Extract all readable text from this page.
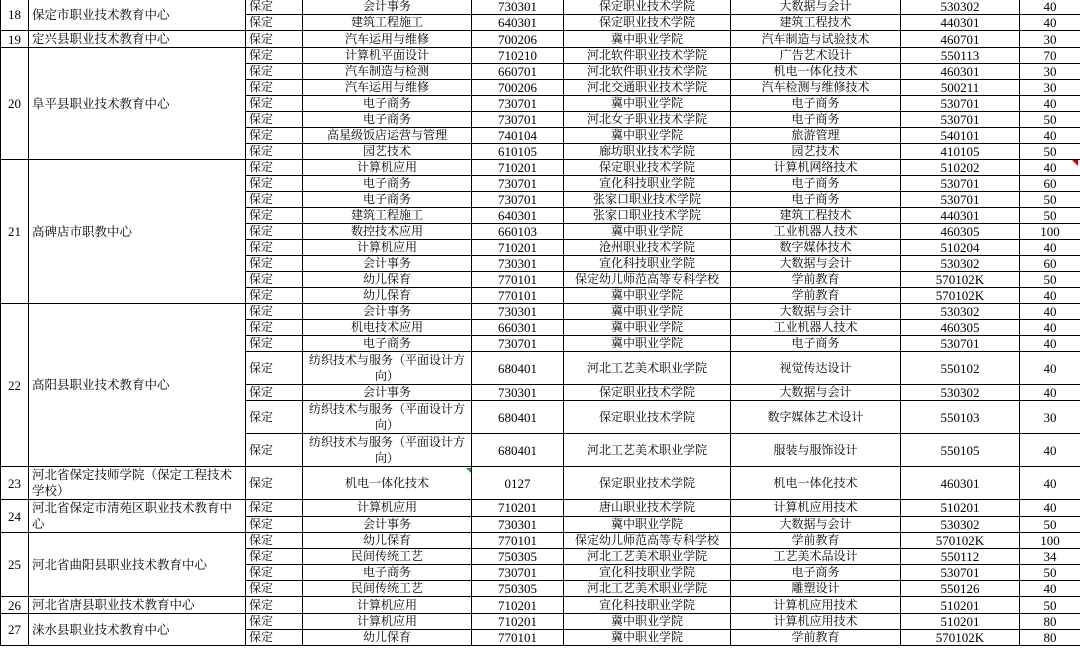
18	保定市职业技术教育中心	保定	会计事务	730301	保定职业技术学院	大数据与会计	530302	40
		保定	建筑工程施工	640301	保定职业技术学院	建筑工程技术	440301	40
19	定兴县职业技术教育中心	保定	汽车运用与维修	700206	冀中职业学院	汽车制造与试验技术	460701	30
20	阜平县职业技术教育中心	保定	计算机平面设计	710210	河北软件职业技术学院	广告艺术设计	550113	70
		保定	汽车制造与检测	660701	河北软件职业技术学院	机电一体化技术	460301	30
		保定	汽车运用与维修	700206	河北交通职业技术学院	汽车检测与维修技术	500211	30
		保定	电子商务	730701	冀中职业学院	电子商务	530701	40
		保定	电子商务	730701	河北女子职业技术学院	电子商务	530701	50
		保定	高星级饭店运营与管理	740104	冀中职业学院	旅游管理	540101	40
		保定	园艺技术	610105	廊坊职业技术学院	园艺技术	410105	50
21	高碑店市职教中心	保定	计算机应用	710201	保定职业技术学院	计算机网络技术	510202	40
		保定	电子商务	730701	宣化科技职业学院	电子商务	530701	60
		保定	电子商务	730701	张家口职业技术学院	电子商务	530701	50
		保定	建筑工程施工	640301	张家口职业技术学院	建筑工程技术	440301	50
		保定	数控技术应用	660103	冀中职业学院	工业机器人技术	460305	100
		保定	计算机应用	710201	沧州职业技术学院	数字媒体技术	510204	40
		保定	会计事务	730301	宣化科技职业学院	大数据与会计	530302	60
		保定	幼儿保育	770101	保定幼儿师范高等专科学校	学前教育	570102K	50
		保定	幼儿保育	770101	冀中职业学院	学前教育	570102K	40
22	高阳县职业技术教育中心	保定	会计事务	730301	冀中职业学院	大数据与会计	530302	40
		保定	机电技术应用	660301	冀中职业学院	工业机器人技术	460305	40
		保定	电子商务	730701	冀中职业学院	电子商务	530701	40
		保定	纺织技术与服务（平面设计方向）	680401	河北工艺美术职业学院	视觉传达设计	550102	40
		保定	会计事务	730301	保定职业技术学院	大数据与会计	530302	40
		保定	纺织技术与服务（平面设计方向）	680401	保定职业技术学院	数字媒体艺术设计	550103	30
		保定	纺织技术与服务（平面设计方向）	680401	河北工艺美术职业学院	服装与服饰设计	550105	40
23	河北省保定技师学院（保定工程技术学校）	保定	机电一体化技术	0127	保定职业技术学院	机电一体化技术	460301	40
24	河北省保定市清苑区职业技术教育中心	保定	计算机应用	710201	唐山职业技术学院	计算机应用技术	510201	40
		保定	会计事务	730301	冀中职业学院	大数据与会计	530302	50
25	河北省曲阳县职业技术教育中心	保定	幼儿保育	770101	保定幼儿师范高等专科学校	学前教育	570102K	100
		保定	民间传统工艺	750305	河北工艺美术职业学院	工艺美术品设计	550112	34
		保定	电子商务	730701	宣化科技职业学院	电子商务	530701	50
		保定	民间传统工艺	750305	河北工艺美术职业学院	雕塑设计	550126	40
26	河北省唐县职业技术教育中心	保定	计算机应用	710201	宣化科技职业学院	计算机应用技术	510201	50
27	涞水县职业技术教育中心	保定	计算机应用	710201	冀中职业学院	计算机应用技术	510201	80
		保定	幼儿保育	770101	冀中职业学院	学前教育	570102K	80
